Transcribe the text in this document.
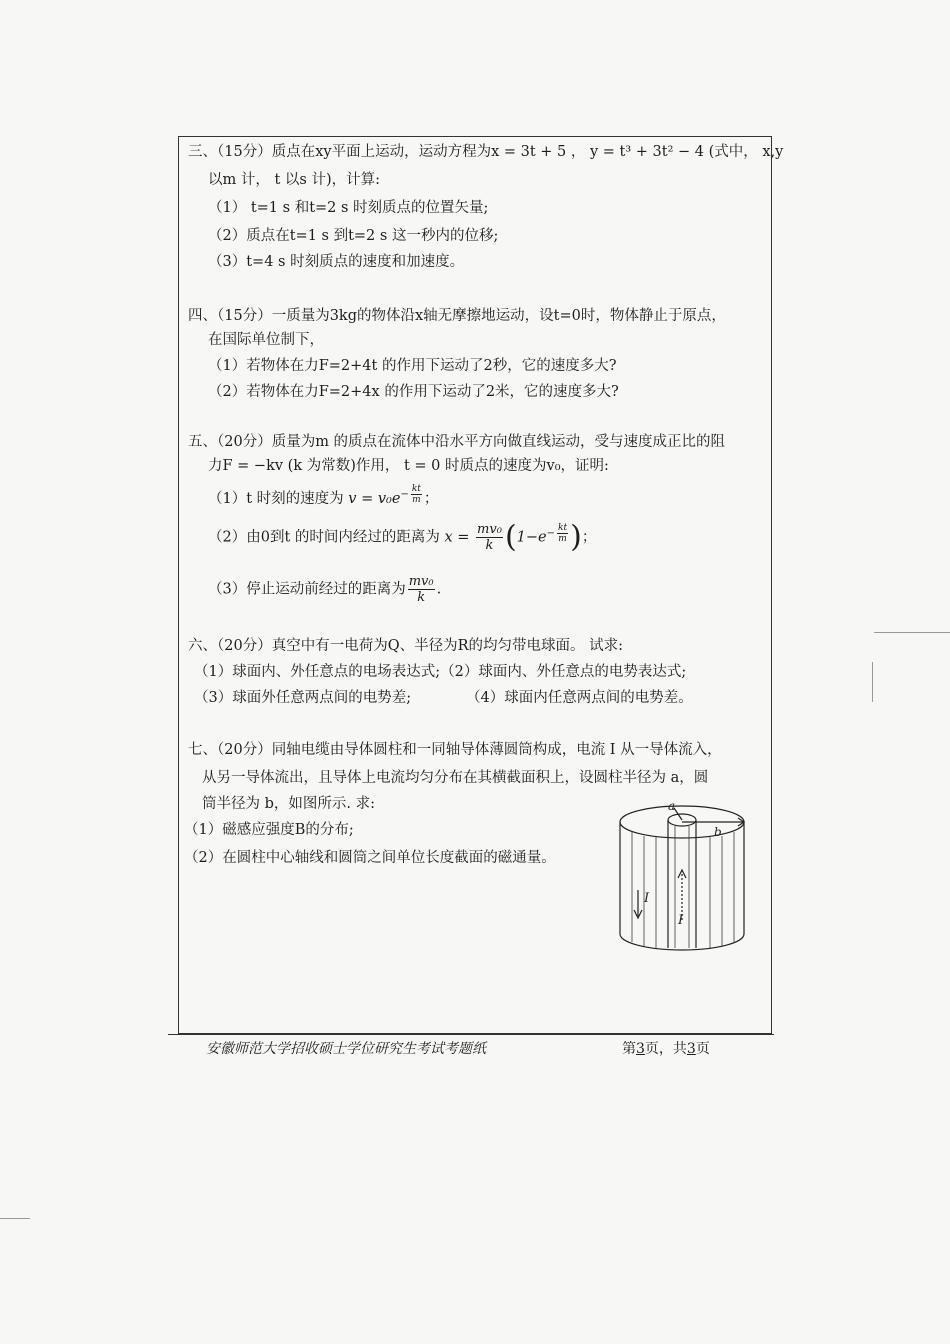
三、（15分）质点在xy平面上运动，运动方程为x = 3t + 5 ， y = t³ + 3t² − 4 (式中， x,y
以m 计， t 以s 计)，计算:
（1） t=1 s 和t=2 s 时刻质点的位置矢量;
（2）质点在t=1 s 到t=2 s 这一秒内的位移;
（3）t=4 s 时刻质点的速度和加速度。
四、（15分）一质量为3kg的物体沿x轴无摩擦地运动，设t=0时，物体静止于原点，
在国际单位制下，
（1）若物体在力F=2+4t 的作用下运动了2秒，它的速度多大?
（2）若物体在力F=2+4x 的作用下运动了2米，它的速度多大?
五、（20分）质量为m 的质点在流体中沿水平方向做直线运动，受与速度成正比的阻
力F = −kv (k 为常数)作用， t = 0 时质点的速度为v₀，证明:
（1）t 时刻的速度为 $v = v_0e^{- \frac{kt}{m}}$ ；
（2）由0到t 的时间内经过的距离为 $x = \frac{\text{mv₀}}{k} (1-e^{- \frac{kt}{m}}$ )；
（3）停止运动前经过的距离为 $\frac{\text{mv₀}}{k}$ .
六、（20分）真空中有一电荷为Q、半径为R的均匀带电球面。 试求:
（1）球面内、外任意点的电场表达式;（2）球面内、外任意点的电势表达式;
（3）球面外任意两点间的电势差;	（4）球面内任意两点间的电势差。
七、（20分）同轴电缆由导体圆柱和一同轴导体薄圆筒构成，电流 I 从一导体流入，
从另一导体流出，且导体上电流均匀分布在其横截面积上，设圆柱半径为 a，圆
筒半径为 b，如图所示. 求:
（1）磁感应强度B的分布;
（2）在圆柱中心轴线和圆筒之间单位长度截面的磁通量。
a
b
I
I
安徽师范大学招收硕士学位研究生考试考题纸	第3页，共3页
